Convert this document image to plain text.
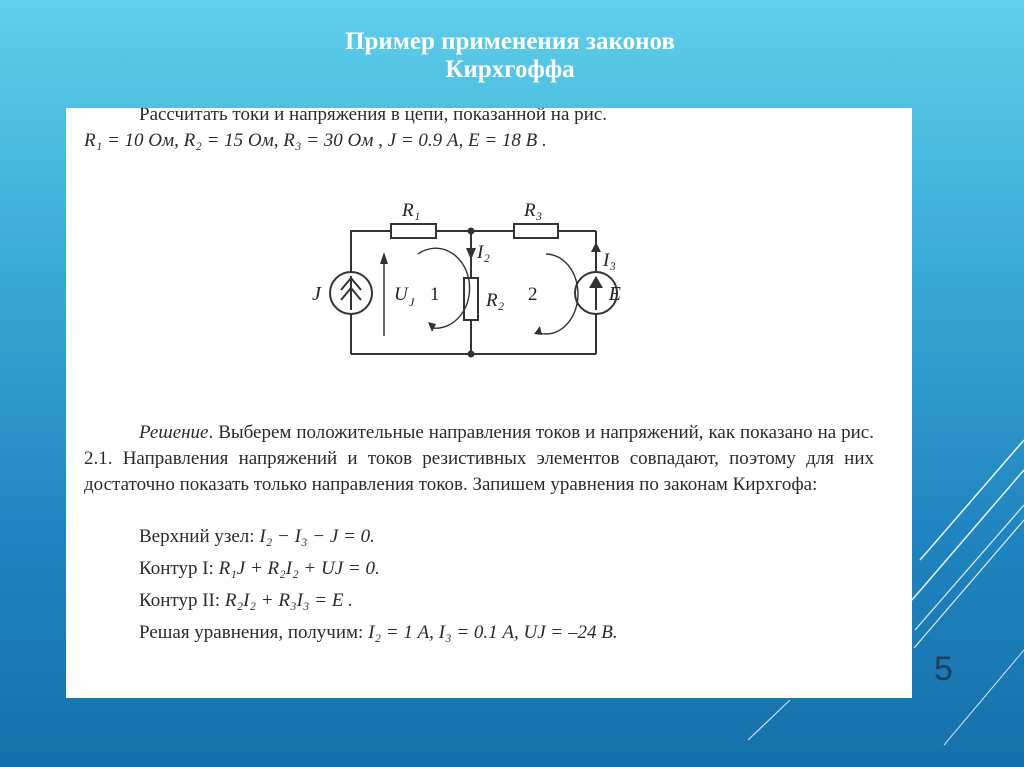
Пример применения законов
Кирхгоффа
Рассчитать токи и напряжения в цепи, показанной на рис.
R₁ = 10 Ом, R₂ = 15 Ом, R₃ = 30 Ом , J = 0.9 А, E = 18 В .
R₁	R₃
R₂
I₂	I₃
J	E
U J 1	2
Решение. Выберем положительные направления токов и напряжений, как показано на рис. 2.1. Направления напряжений и токов резистивных элементов совпадают, поэтому для них достаточно показать только направления токов. Запишем уравнения по законам Кирхгофа:
Верхний узел: I₂ − I₃ − J = 0.
Контур I: R₁J + R₂I₂ + UJ = 0.
Контур II: R₂I₂ + R₃I₃ = E .
Решая уравнения, получим: I₂ = 1 А, I₃ = 0.1 А, UJ = –24 В.
5
